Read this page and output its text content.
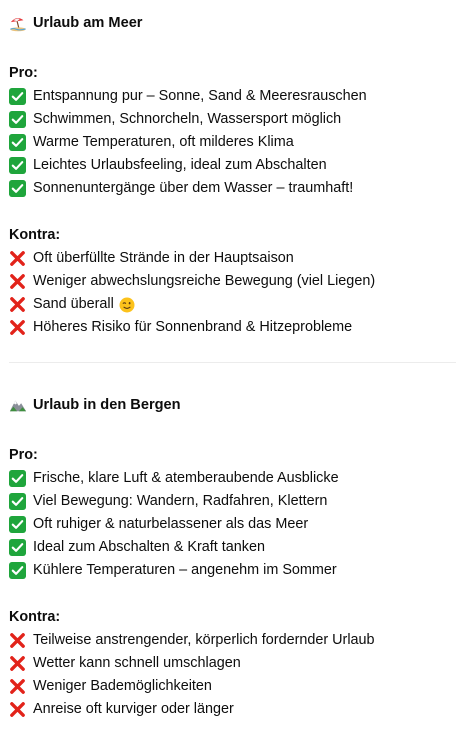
Urlaub am Meer
Pro:
Entspannung pur – Sonne, Sand & Meeresrauschen
Schwimmen, Schnorcheln, Wassersport möglich
Warme Temperaturen, oft milderes Klima
Leichtes Urlaubsfeeling, ideal zum Abschalten
Sonnenuntergänge über dem Wasser – traumhaft!
Kontra:
Oft überfüllte Strände in der Hauptsaison
Weniger abwechslungsreiche Bewegung (viel Liegen)
Sand überall
Höheres Risiko für Sonnenbrand & Hitzeprobleme
Urlaub in den Bergen
Pro:
Frische, klare Luft & atemberaubende Ausblicke
Viel Bewegung: Wandern, Radfahren, Klettern
Oft ruhiger & naturbelassener als das Meer
Ideal zum Abschalten & Kraft tanken
Kühlere Temperaturen – angenehm im Sommer
Kontra:
Teilweise anstrengender, körperlich fordernder Urlaub
Wetter kann schnell umschlagen
Weniger Bademöglichkeiten
Anreise oft kurviger oder länger
